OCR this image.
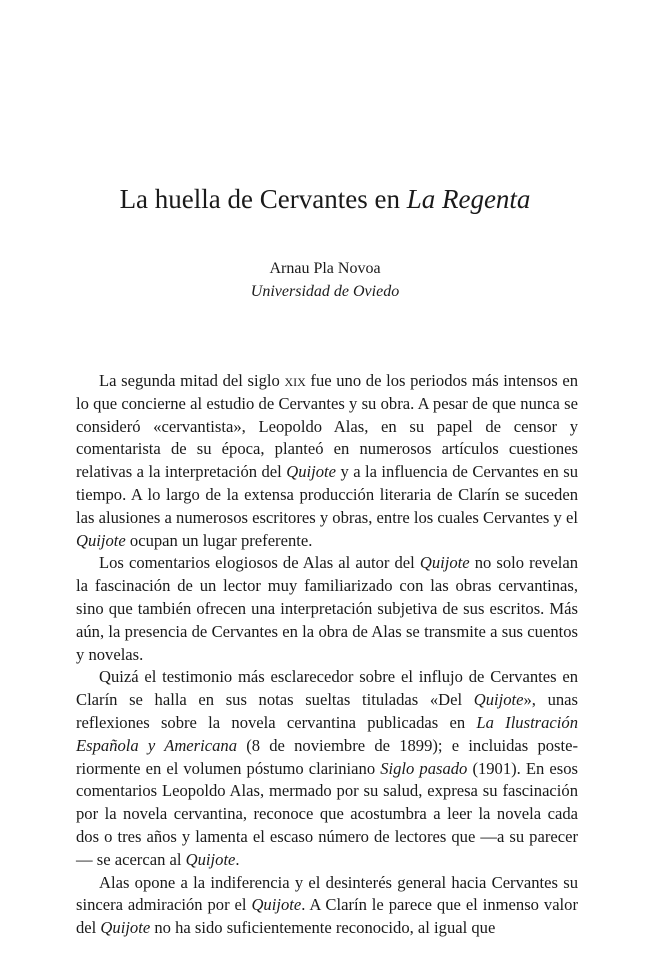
La huella de Cervantes en La Regenta
Arnau Pla Novoa
Universidad de Oviedo

La segunda mitad del siglo xix fue uno de los periodos más intensos en lo que concierne al estudio de Cervantes y su obra. A pesar de que nunca se consideró «cervantista», Leopoldo Alas, en su papel de censor y comentarista de su época, planteó en numerosos artículos cuestiones relativas a la interpretación del Quijote y a la influencia de Cervantes en su tiempo. A lo largo de la extensa producción literaria de Clarín se suceden las alusiones a numerosos escritores y obras, entre los cuales Cervantes y el Quijote ocupan un lugar preferente.

Los comentarios elogiosos de Alas al autor del Quijote no solo revelan la fascinación de un lector muy familiarizado con las obras cervantinas, sino que también ofrecen una interpretación subjetiva de sus escritos. Más aún, la presencia de Cervantes en la obra de Alas se transmite a sus cuentos y novelas.

Quizá el testimonio más esclarecedor sobre el influjo de Cervantes en Clarín se halla en sus notas sueltas tituladas «Del Quijote», unas reflexiones sobre la novela cervantina publicadas en La Ilustración Española y Americana (8 de noviembre de 1899); e incluidas posteriormente en el volumen póstumo clariniano Siglo pasado (1901). En esos comentarios Leopoldo Alas, mermado por su salud, expresa su fascinación por la novela cervantina, reconoce que acostumbra a leer la novela cada dos o tres años y lamenta el escaso número de lectores que —a su parecer— se acercan al Quijote.

Alas opone a la indiferencia y el desinterés general hacia Cervantes su sincera admiración por el Quijote. A Clarín le parece que el inmenso valor del Quijote no ha sido suficientemente reconocido, al igual que
